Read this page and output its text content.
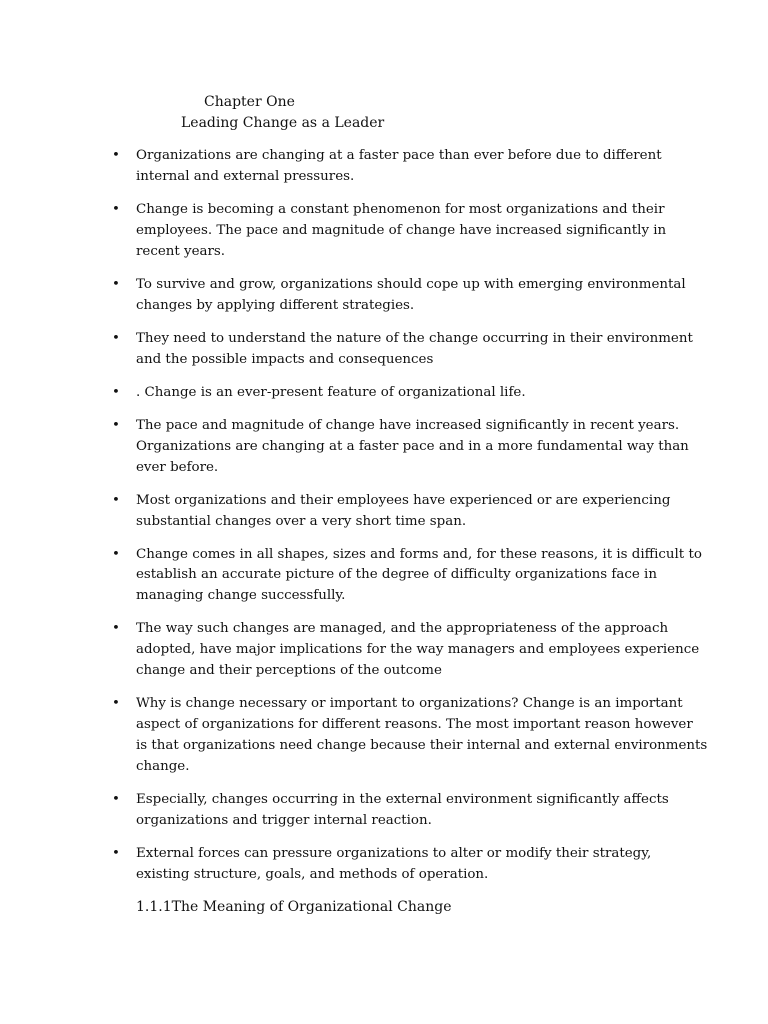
Chapter One
Leading Change as a Leader
•	Organizations are changing at a faster pace than ever before due to different internal and external pressures.
•	Change is becoming a constant phenomenon for most organizations and their employees. The pace and magnitude of change have increased significantly in recent years.
•	To survive and grow, organizations should cope up with emerging environmental changes by applying different strategies.
•	They need to understand the nature of the change occurring in their environment and the possible impacts and consequences
•	. Change is an ever-present feature of organizational life.
•	The pace and magnitude of change have increased significantly in recent years. Organizations are changing at a faster pace and in a more fundamental way than ever before.
•	Most organizations and their employees have experienced or are experiencing substantial changes over a very short time span.
•	Change comes in all shapes, sizes and forms and, for these reasons, it is difficult to establish an accurate picture of the degree of difficulty organizations face in managing change successfully.
•	The way such changes are managed, and the appropriateness of the approach adopted, have major implications for the way managers and employees experience change and their perceptions of the outcome
•	Why is change necessary or important to organizations? Change is an important aspect of organizations for different reasons. The most important reason however is that organizations need change because their internal and external environments change.
•	Especially, changes occurring in the external environment significantly affects organizations and trigger internal reaction.
•	External forces can pressure organizations to alter or modify their strategy, existing structure, goals, and methods of operation.
1.1.1The Meaning of Organizational Change
